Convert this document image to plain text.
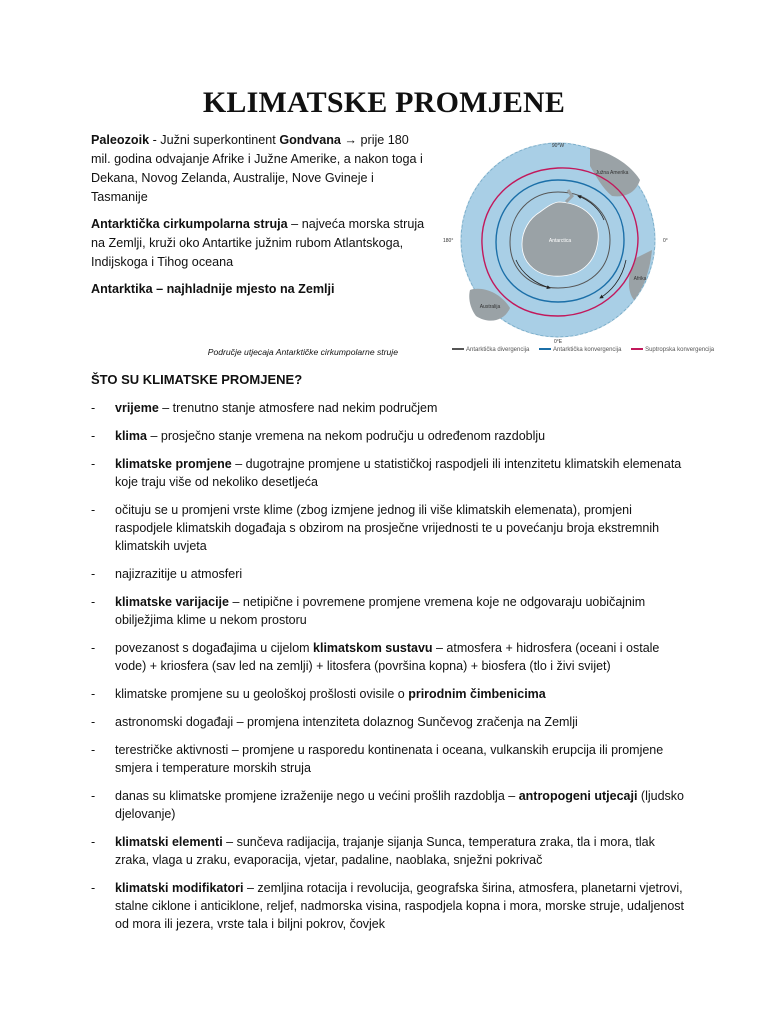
KLIMATSKE PROMJENE

Paleozoik - Južni superkontinent Gondvana → prije 180 mil. godina odvajanje Afrike i Južne Amerike, a nakon toga i Dekana, Novog Zelanda, Australije, Nove Gvineje i Tasmanije

Antarktička cirkumpolarna struja – najveća morska struja na Zemlji, kruži oko Antartike južnim rubom Atlantskoga, Indijskoga i Tihog oceana

Antarktika – najhladnije mjesto na Zemlji

90°W
0°E
180°	0°
Antarctica
Južna Amerika
Afrika
Australija
Područje utjecaja Antarktičke cirkumpolarne struje	Antarktička divergencija	Antarktička konvergencija	Suptropska konvergencija
ŠTO SU KLIMATSKE PROMJENE?
- vrijeme – trenutno stanje atmosfere nad nekim područjem
- klima – prosječno stanje vremena na nekom području u određenom razdoblju
- klimatske promjene – dugotrajne promjene u statističkoj raspodjeli ili intenzitetu klimatskih elemenata koje traju više od nekoliko desetljeća
- očituju se u promjeni vrste klime (zbog izmjene jednog ili više klimatskih elemenata), promjeni raspodjele klimatskih događaja s obzirom na prosječne vrijednosti te u povećanju broja ekstremnih klimatskih uvjeta
- najizrazitije u atmosferi
- klimatske varijacije – netipične i povremene promjene vremena koje ne odgovaraju uobičajnim obilježjima klime u nekom prostoru
- povezanost s događajima u cijelom klimatskom sustavu – atmosfera + hidrosfera (oceani i ostale vode) + kriosfera (sav led na zemlji) + litosfera (površina kopna) + biosfera (tlo i živi svijet)
- klimatske promjene su u geološkoj prošlosti ovisile o prirodnim čimbenicima
- astronomski događaji – promjena intenziteta dolaznog Sunčevog zračenja na Zemlji
- terestričke aktivnosti – promjene u rasporedu kontinenata i oceana, vulkanskih erupcija ili promjene smjera i temperature morskih struja
- danas su klimatske promjene izraženije nego u većini prošlih razdoblja – antropogeni utjecaji (ljudsko djelovanje)
- klimatski elementi – sunčeva radijacija, trajanje sijanja Sunca, temperatura zraka, tla i mora, tlak zraka, vlaga u zraku, evaporacija, vjetar, padaline, naoblaka, snježni pokrivač
- klimatski modifikatori – zemljina rotacija i revolucija, geografska širina, atmosfera, planetarni vjetrovi, stalne ciklone i anticiklone, reljef, nadmorska visina, raspodjela kopna i mora, morske struje, udaljenost od mora ili jezera, vrste tala i biljni pokrov, čovjek
